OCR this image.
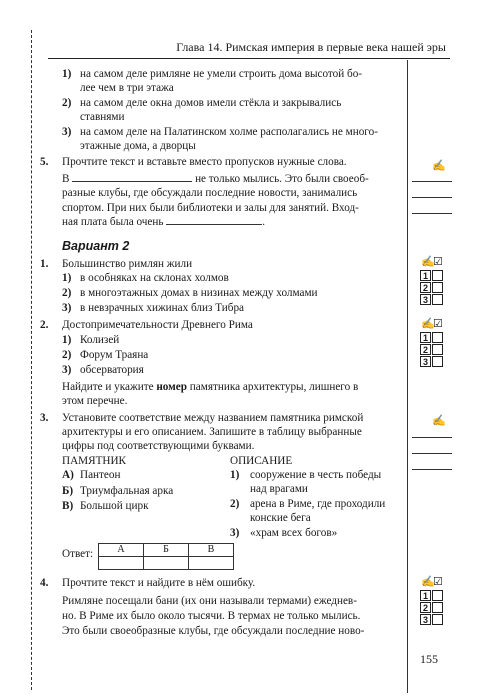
Глава 14. Римская империя в первые века нашей эры
1) на самом деле римляне не умели строить дома высотой бо-
лее чем в три этажа
2) на самом деле окна домов имели стёкла и закрывались
ставнями
3) на самом деле на Палатинском холме располагались не много-
этажные дома, а дворцы
5. Прочтите текст и вставьте вместо пропусков нужные слова.
В	не только мылись. Это были своеоб-
разные клубы, где обсуждали последние новости, занимались
спортом. При них были библиотеки и залы для занятий. Вход-
ная плата была очень	.
✍
Вариант 2
1. Большинство римлян жили
1) в особняках на склонах холмов
2) в многоэтажных домах в низинах между холмами
3) в невзрачных хижинах близ Тибра
✍
☑
1
2
3
2. Достопримечательности Древнего Рима
1) Колизей
2) Форум Траяна
3) обсерватория
Найдите и укажите номер памятника архитектуры, лишнего в
этом перечне.
✍
☑
1
2
3
3. Установите соответствие между названием памятника римской
архитектуры и его описанием. Запишите в таблицу выбранные
цифры под соответствующими буквами.
ПАМЯТНИК	ОПИСАНИЕ
А) Пантеон
Б) Триумфальная арка
В) Большой цирк
1) сооружение в честь победы
над врагами
2) арена в Риме, где проходили
конские бега
3) «храм всех богов»
Ответ: А	Б	В

✍
4. Прочтите текст и найдите в нём ошибку.
Римляне посещали бани (их они называли термами) ежеднев-
но. В Риме их было около тысячи. В термах не только мылись.
Это были своеобразные клубы, где обсуждали последние ново-
✍
☑
1
2
3
155
